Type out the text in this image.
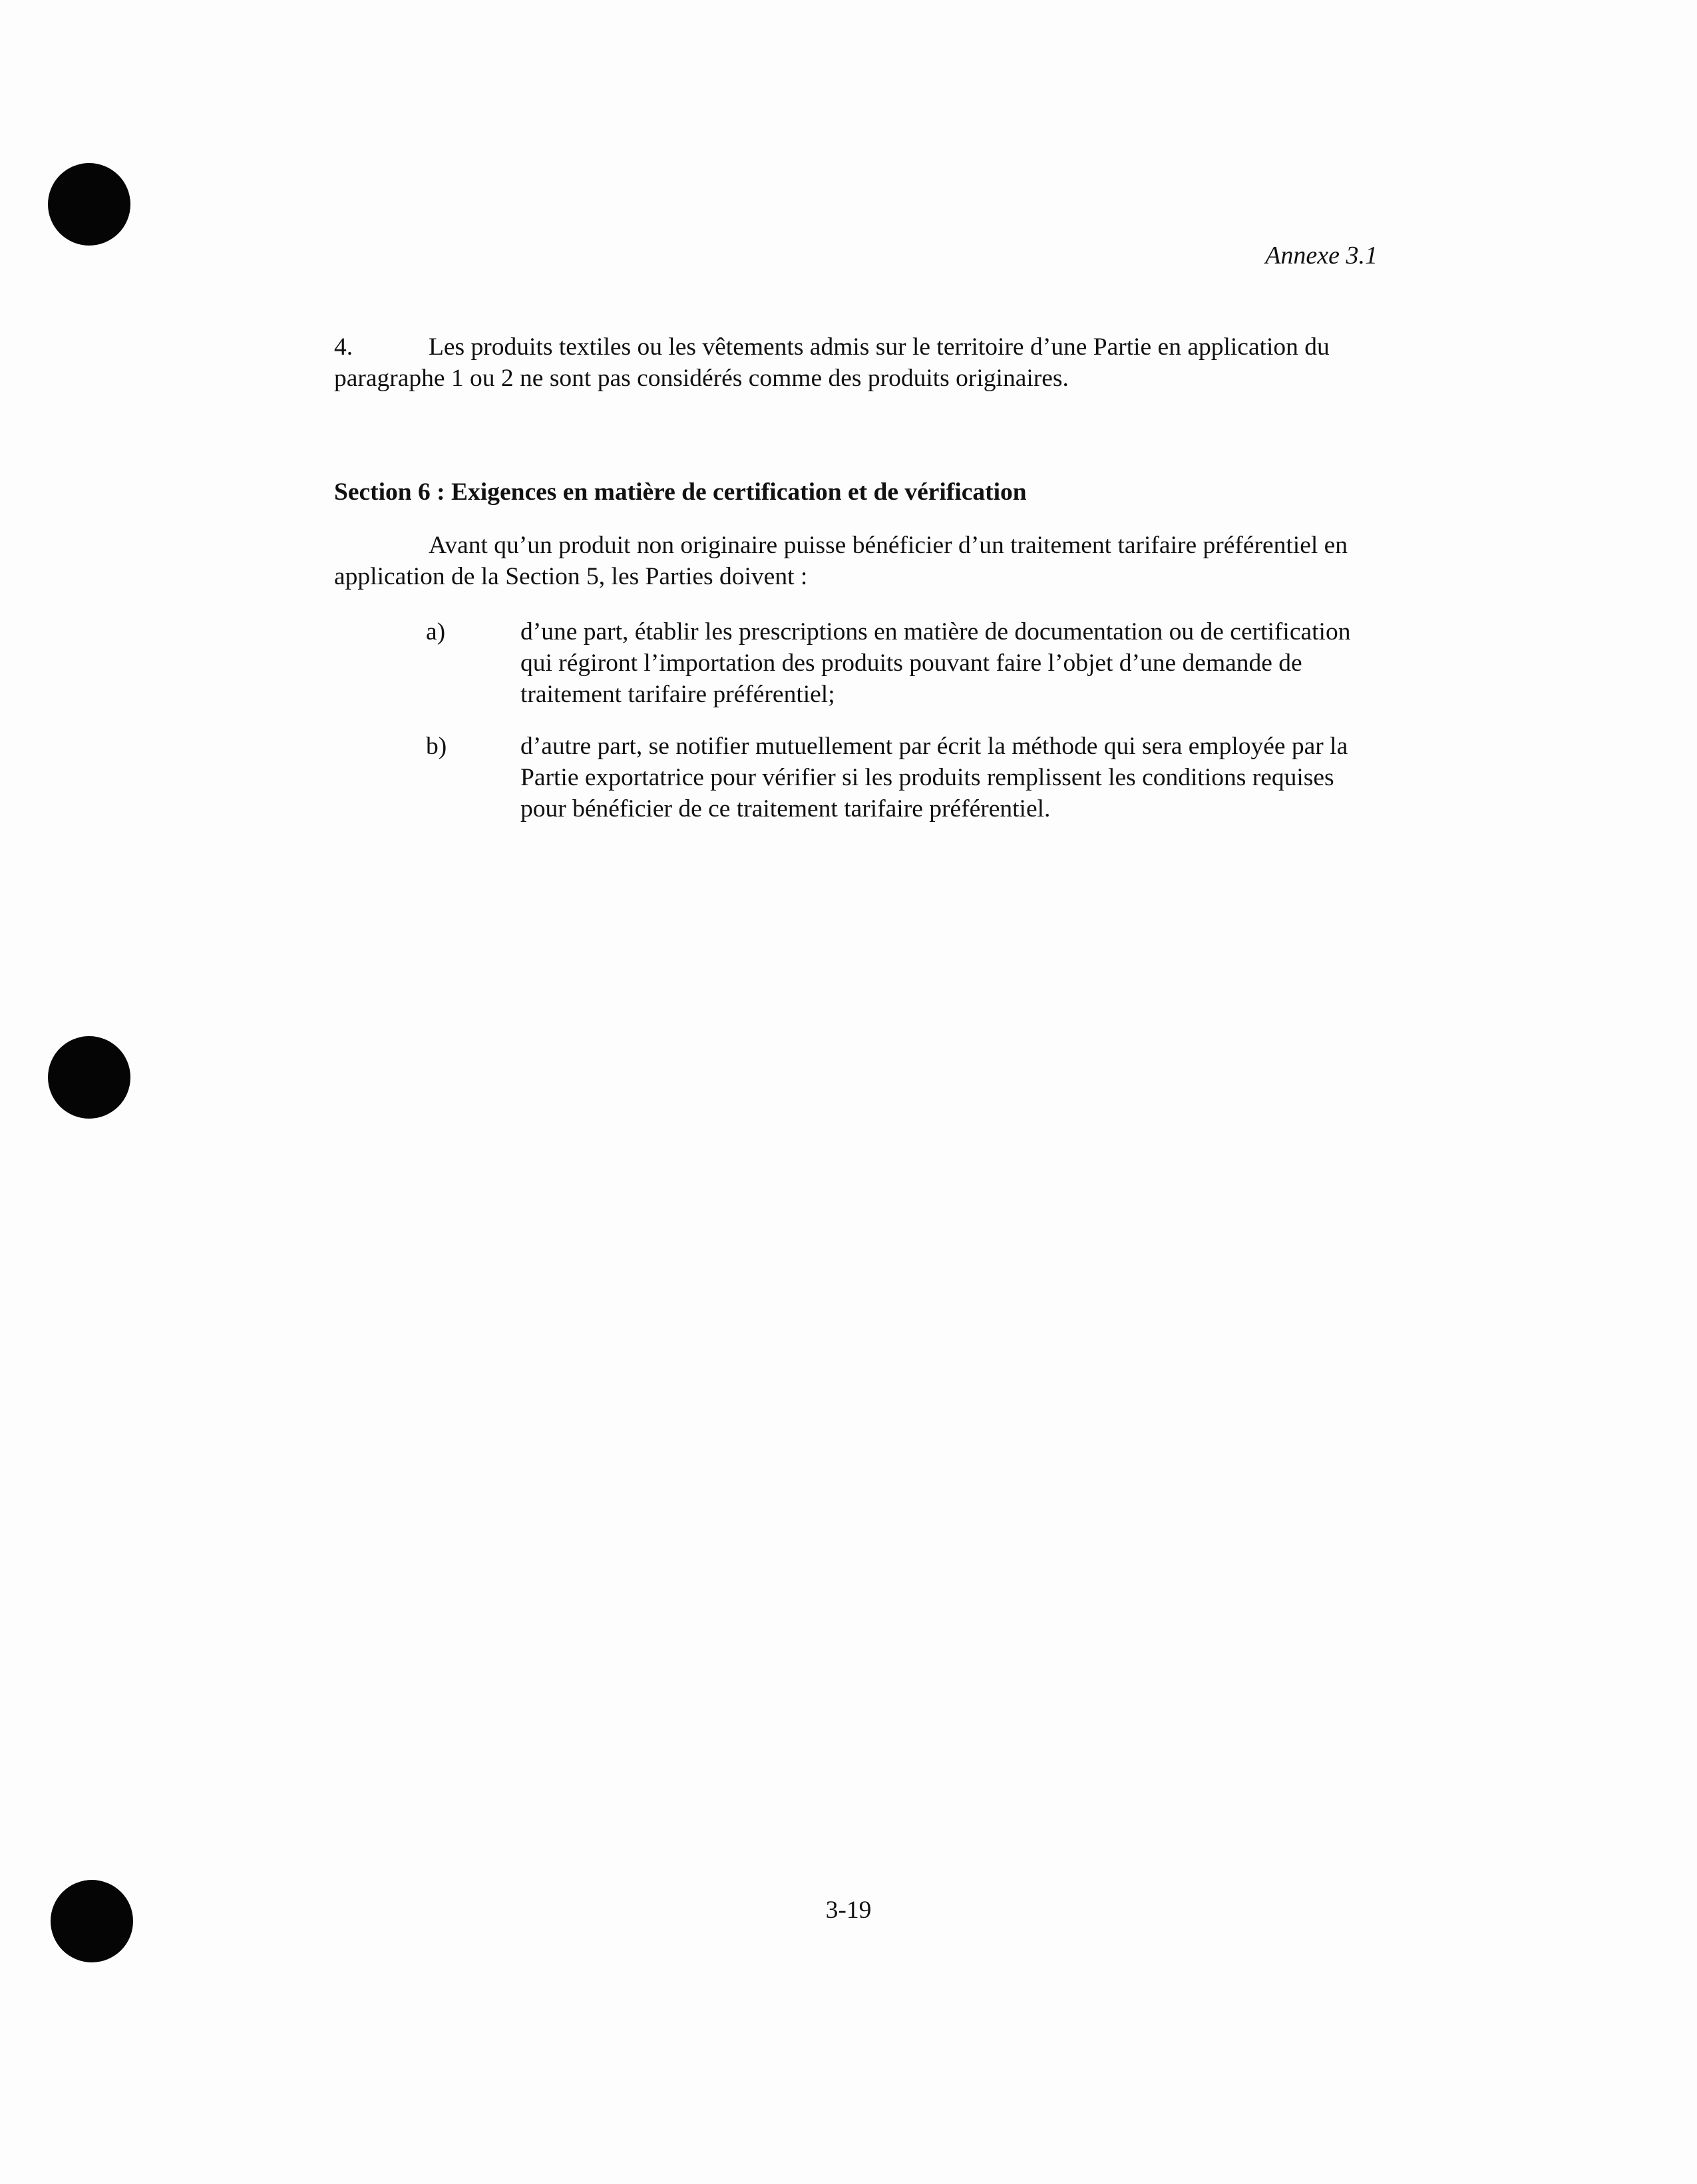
Annexe 3.1
4.	Les produits textiles ou les vêtements admis sur le territoire d’une Partie en application du paragraphe 1 ou 2 ne sont pas considérés comme des produits originaires.
Section 6 : Exigences en matière de certification et de vérification
Avant qu’un produit non originaire puisse bénéficier d’un traitement tarifaire préférentiel en application de la Section 5, les Parties doivent :
a)	d’une part, établir les prescriptions en matière de documentation ou de certification qui régiront l’importation des produits pouvant faire l’objet d’une demande de traitement tarifaire préférentiel;
b)	d’autre part, se notifier mutuellement par écrit la méthode qui sera employée par la Partie exportatrice pour vérifier si les produits remplissent les conditions requises pour bénéficier de ce traitement tarifaire préférentiel.
3-19
